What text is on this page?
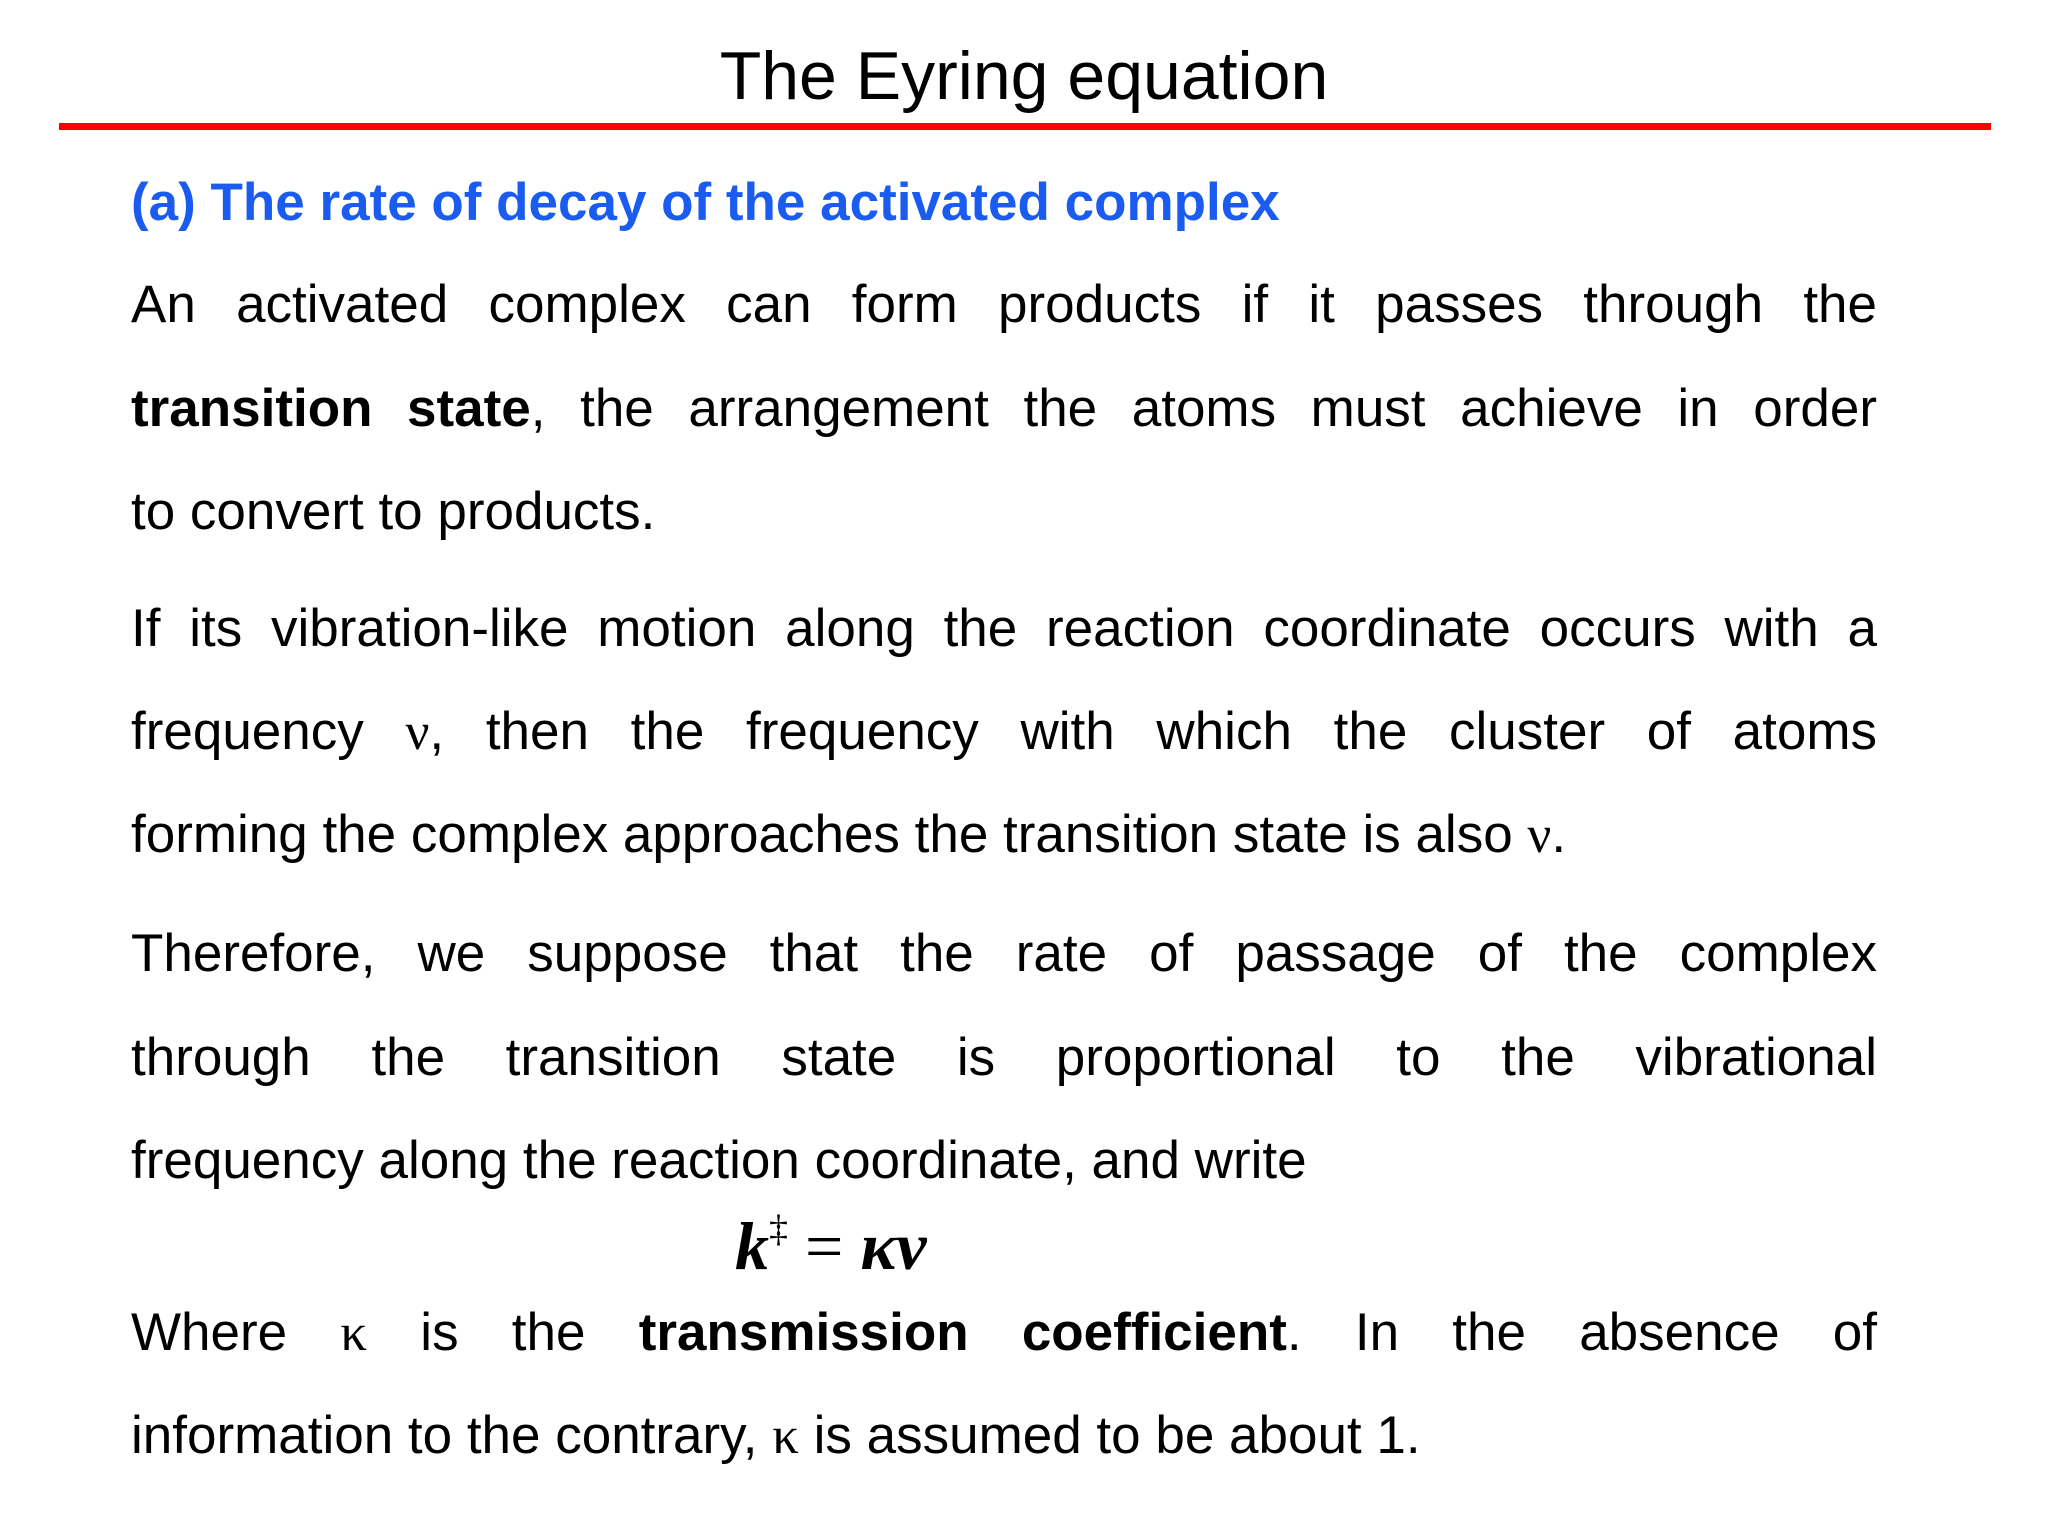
The Eyring equation
(a) The rate of decay of the activated complex
An activated complex can form products if it passes through the
transition state, the arrangement the atoms must achieve in order
to convert to products.
If its vibration-like motion along the reaction coordinate occurs with a
frequency ν, then the frequency with which the cluster of atoms
forming the complex approaches the transition state is also ν.
Therefore, we suppose that the rate of passage of the complex
through the transition state is proportional to the vibrational
frequency along the reaction coordinate, and write
k‡ = κν
Where κ is the transmission coefficient. In the absence of
information to the contrary, κ is assumed to be about 1.
